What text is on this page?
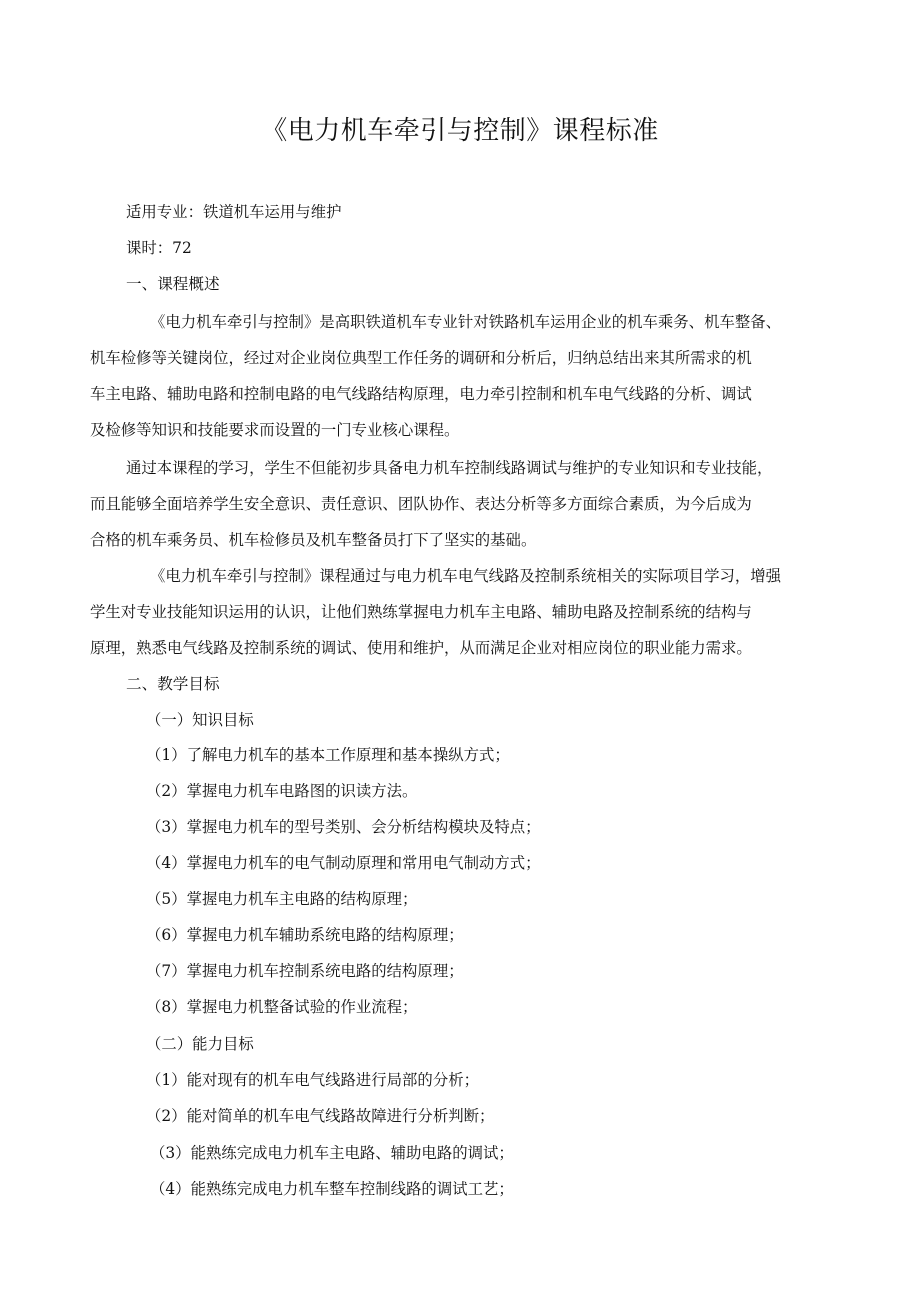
《电力机车牵引与控制》课程标准

适用专业：铁道机车运用与维护

课时：72

一、课程概述

《电力机车牵引与控制》是高职铁道机车专业针对铁路机车运用企业的机车乘务、机车整备、

机车检修等关键岗位，经过对企业岗位典型工作任务的调研和分析后，归纳总结出来其所需求的机

车主电路、辅助电路和控制电路的电气线路结构原理，电力牵引控制和机车电气线路的分析、调试

及检修等知识和技能要求而设置的一门专业核心课程。

通过本课程的学习，学生不但能初步具备电力机车控制线路调试与维护的专业知识和专业技能，

而且能够全面培养学生安全意识、责任意识、团队协作、表达分析等多方面综合素质，为今后成为

合格的机车乘务员、机车检修员及机车整备员打下了坚实的基础。

《电力机车牵引与控制》课程通过与电力机车电气线路及控制系统相关的实际项目学习，增强

学生对专业技能知识运用的认识，让他们熟练掌握电力机车主电路、辅助电路及控制系统的结构与

原理，熟悉电气线路及控制系统的调试、使用和维护，从而满足企业对相应岗位的职业能力需求。

二、教学目标

（一）知识目标

（1）了解电力机车的基本工作原理和基本操纵方式；

（2）掌握电力机车电路图的识读方法。

（3）掌握电力机车的型号类别、会分析结构模块及特点；

（4）掌握电力机车的电气制动原理和常用电气制动方式；

（5）掌握电力机车主电路的结构原理；

（6）掌握电力机车辅助系统电路的结构原理；

（7）掌握电力机车控制系统电路的结构原理；

（8）掌握电力机整备试验的作业流程；

（二）能力目标

（1）能对现有的机车电气线路进行局部的分析；

（2）能对简单的机车电气线路故障进行分析判断；

（3）能熟练完成电力机车主电路、辅助电路的调试；

（4）能熟练完成电力机车整车控制线路的调试工艺；
